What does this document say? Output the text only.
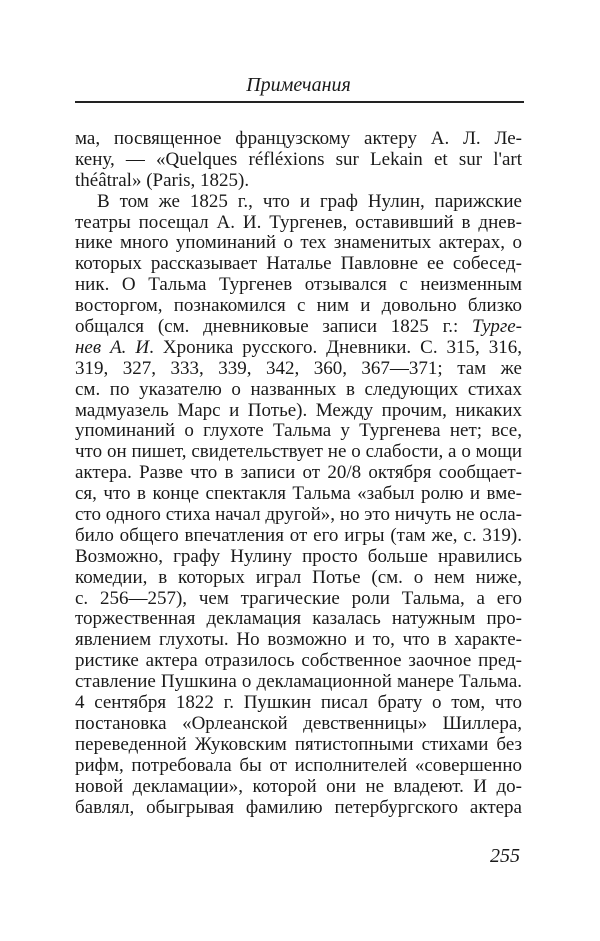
Примечания
ма, посвященное французскому актеру А. Л. Ле-
кену, — «Quelques réfléxions sur Lekain et sur l'art
théâtral» (Paris, 1825).
В том же 1825 г., что и граф Нулин, парижские
театры посещал А. И. Тургенев, оставивший в днев-
нике много упоминаний о тех знаменитых актерах, о
которых рассказывает Наталье Павловне ее собесед-
ник. О Тальма Тургенев отзывался с неизменным
восторгом, познакомился с ним и довольно близко
общался (см. дневниковые записи 1825 г.: Турге-
нев А. И. Хроника русского. Дневники. С. 315, 316,
319, 327, 333, 339, 342, 360, 367—371; там же
см. по указателю о названных в следующих стихах
мадмуазель Марс и Потье). Между прочим, никаких
упоминаний о глухоте Тальма у Тургенева нет; все,
что он пишет, свидетельствует не о слабости, а о мощи
актера. Разве что в записи от 20/8 октября сообщает-
ся, что в конце спектакля Тальма «забыл ролю и вме-
сто одного стиха начал другой», но это ничуть не осла-
било общего впечатления от его игры (там же, с. 319).
Возможно, графу Нулину просто больше нравились
комедии, в которых играл Потье (см. о нем ниже,
с. 256—257), чем трагические роли Тальма, а его
торжественная декламация казалась натужным про-
явлением глухоты. Но возможно и то, что в характе-
ристике актера отразилось собственное заочное пред-
ставление Пушкина о декламационной манере Тальма.
4 сентября 1822 г. Пушкин писал брату о том, что
постановка «Орлеанской девственницы» Шиллера,
переведенной Жуковским пятистопными стихами без
рифм, потребовала бы от исполнителей «совершенно
новой декламации», которой они не владеют. И до-
бавлял, обыгрывая фамилию петербургского актера
255
